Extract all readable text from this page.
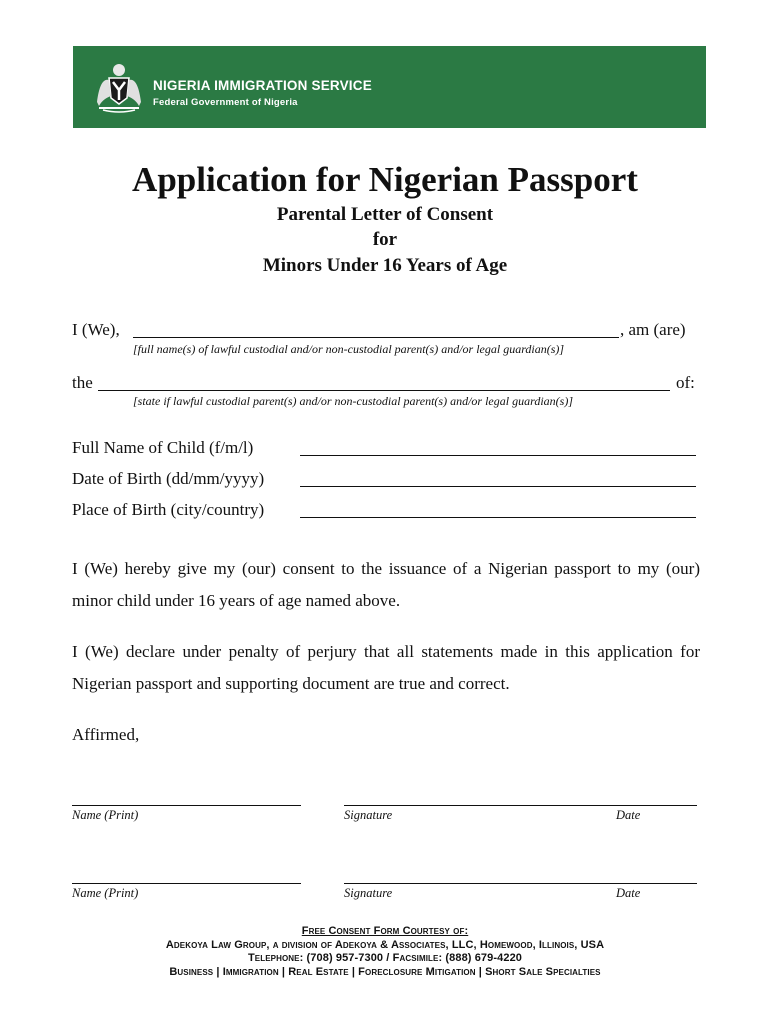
NIGERIA IMMIGRATION SERVICE
Federal Government of Nigeria
Application for Nigerian Passport
Parental Letter of Consent
for
Minors Under 16 Years of Age
I (We),	, am (are)
[full name(s) of lawful custodial and/or non-custodial parent(s) and/or legal guardian(s)]
the	of:
[state if lawful custodial parent(s) and/or non-custodial parent(s) and/or legal guardian(s)]
Full Name of Child (f/m/l)
Date of Birth (dd/mm/yyyy)
Place of Birth (city/country)
I (We) hereby give my (our) consent to the issuance of a Nigerian passport to my (our) minor child under 16 years of age named above.
I (We) declare under penalty of perjury that all statements made in this application for Nigerian passport and supporting document are true and correct.
Affirmed,
Name (Print)	Signature	Date
Name (Print)	Signature	Date
Free Consent Form Courtesy of:
Adekoya Law Group, a division of Adekoya & Associates, LLC, Homewood, Illinois, USA
Telephone: (708) 957-7300 / Facsimile: (888) 679-4220
Business | Immigration | Real Estate | Foreclosure Mitigation | Short Sale Specialties
